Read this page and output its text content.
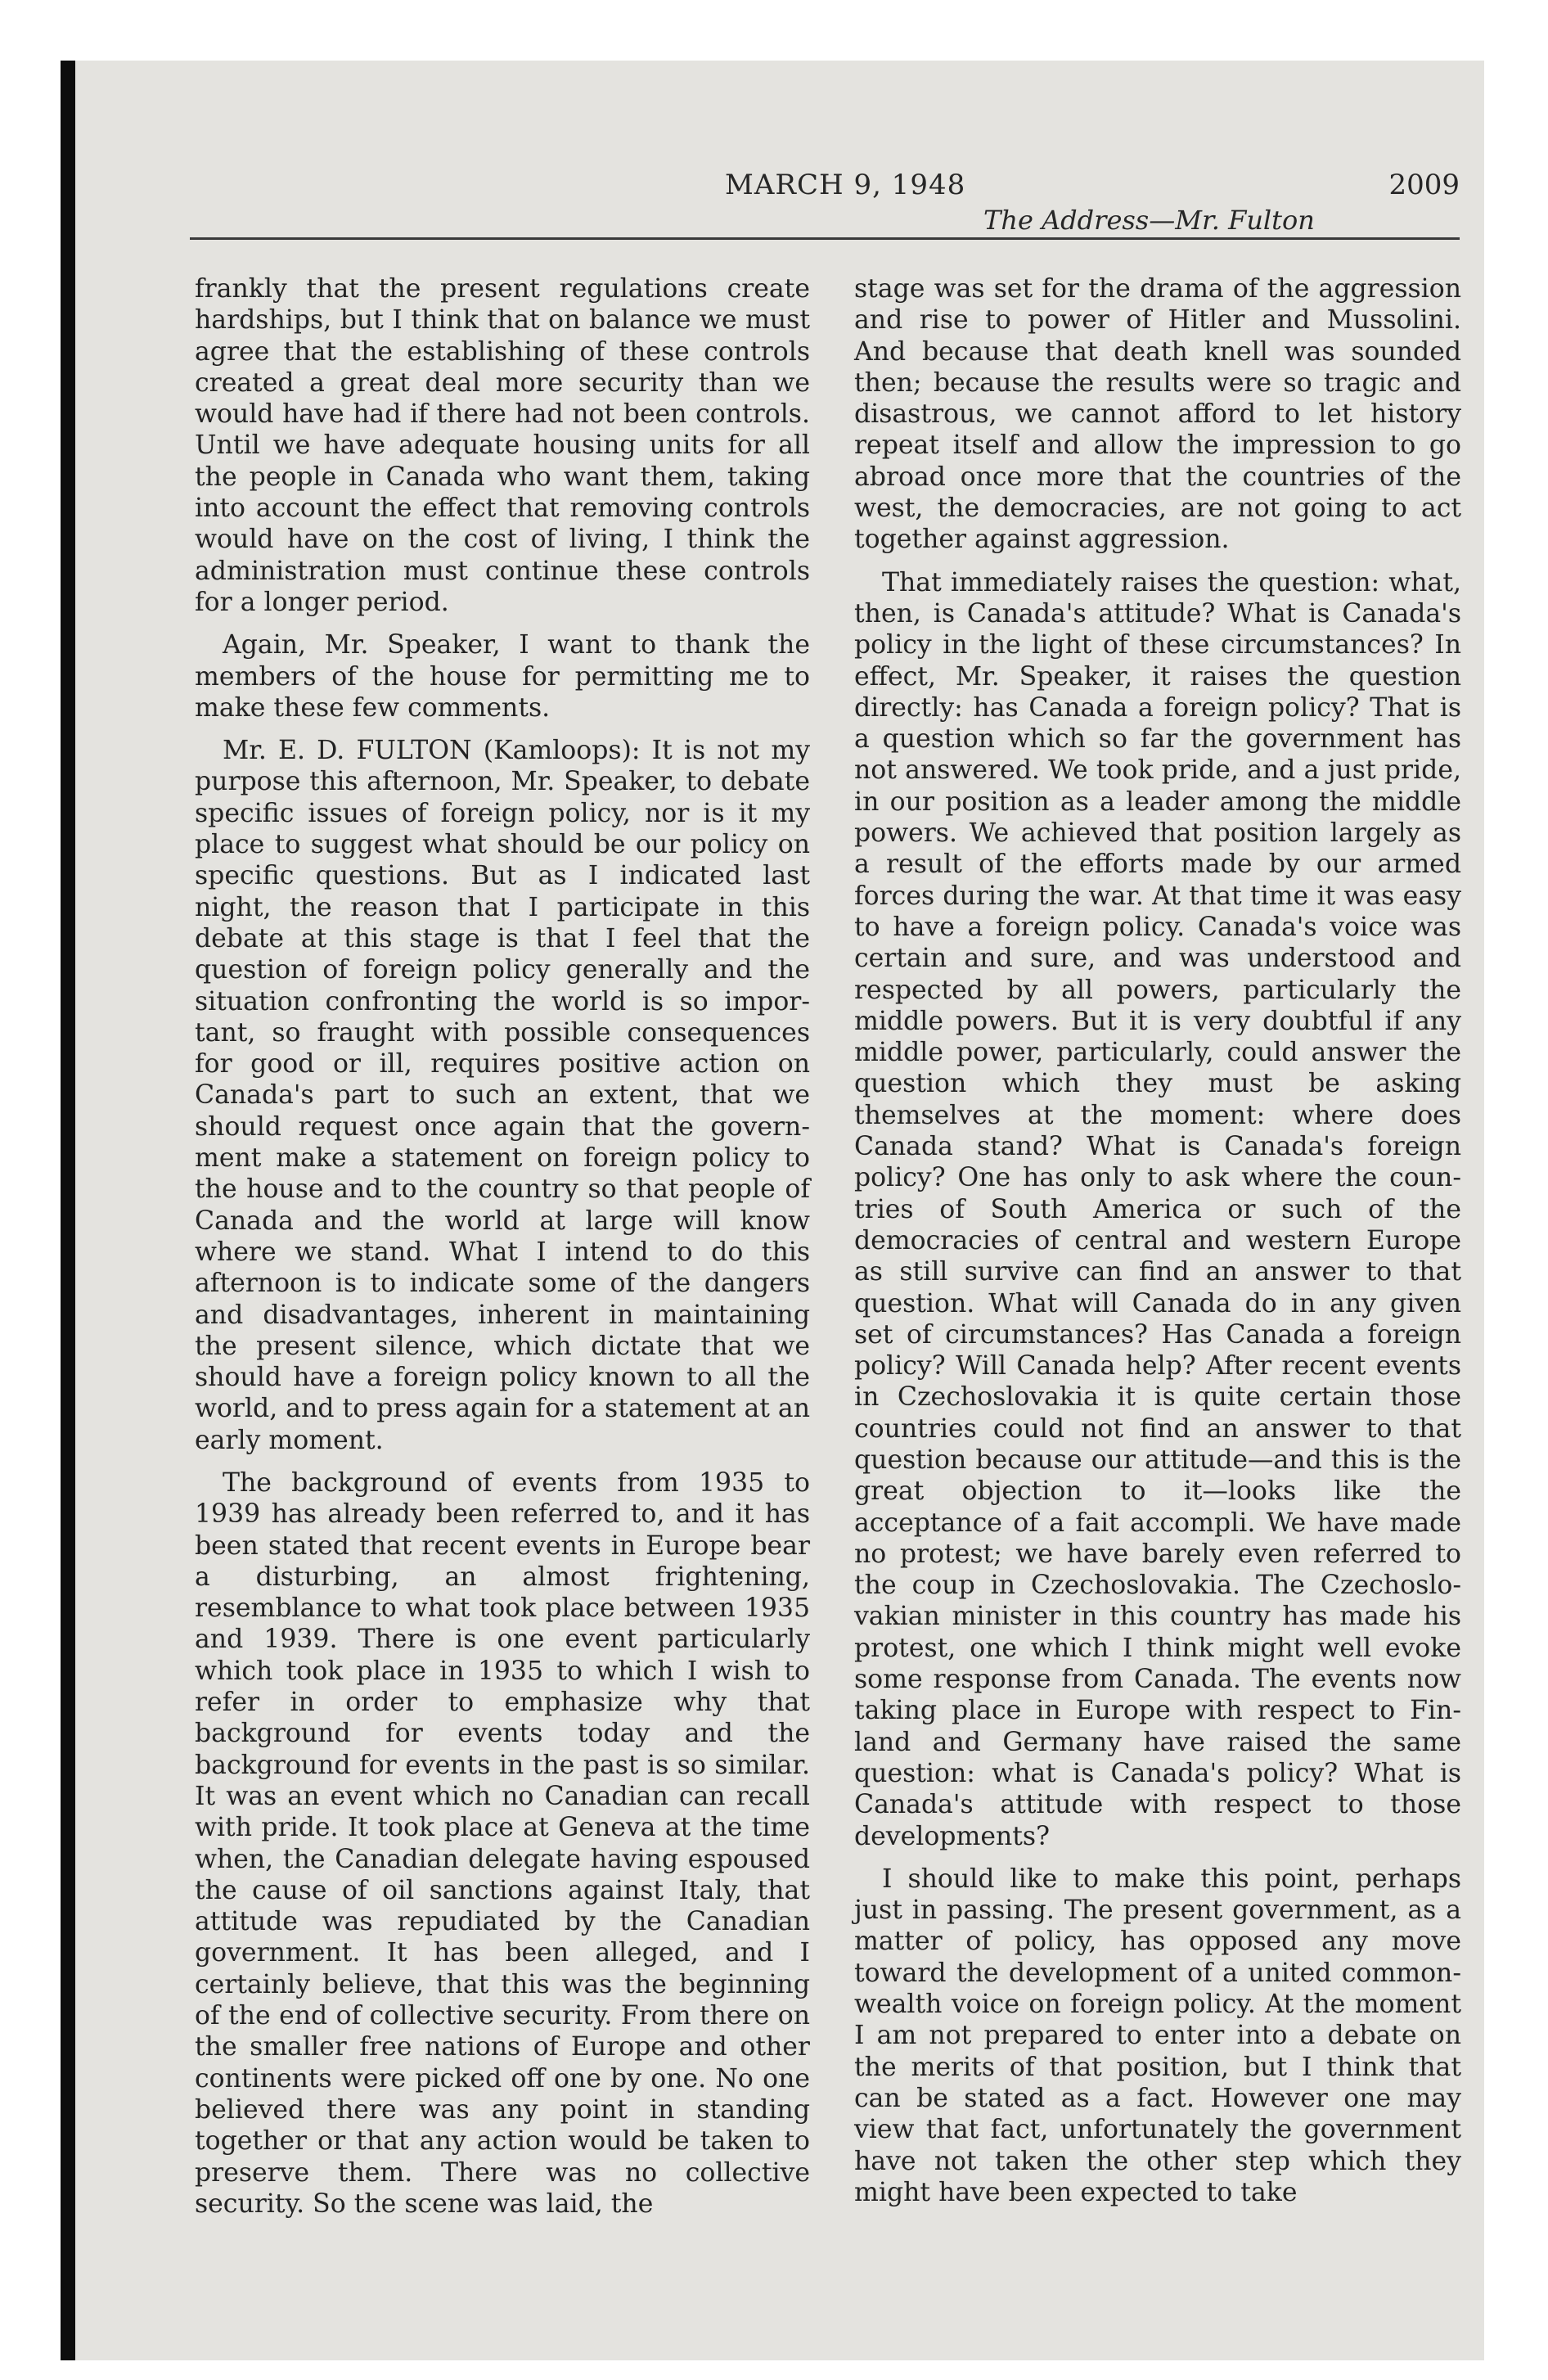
MARCH 9, 1948	2009
The Address—Mr. Fulton

frankly that the present regulations create hardships, but I think that on balance we must agree that the establishing of these controls created a great deal more security than we would have had if there had not been controls. Until we have adequate housing units for all the people in Canada who want them, taking into account the effect that removing controls would have on the cost of living, I think the administration must continue these controls for a longer period.

Again, Mr. Speaker, I want to thank the members of the house for permitting me to make these few comments.

Mr. E. D. FULTON (Kamloops): It is not my purpose this afternoon, Mr. Speaker, to debate specific issues of foreign policy, nor is it my place to suggest what should be our policy on specific questions. But as I indicated last night, the reason that I participate in this debate at this stage is that I feel that the question of foreign policy generally and the situation confronting the world is so important, so fraught with possible consequences for good or ill, requires positive action on Canada's part to such an extent, that we should request once again that the government make a statement on foreign policy to the house and to the country so that people of Canada and the world at large will know where we stand. What I intend to do this afternoon is to indicate some of the dangers and disadvantages, inherent in maintaining the present silence, which dictate that we should have a foreign policy known to all the world, and to press again for a statement at an early moment.

The background of events from 1935 to 1939 has already been referred to, and it has been stated that recent events in Europe bear a disturbing, an almost frightening, resemblance to what took place between 1935 and 1939. There is one event particularly which took place in 1935 to which I wish to refer in order to emphasize why that background for events today and the background for events in the past is so similar. It was an event which no Canadian can recall with pride. It took place at Geneva at the time when, the Canadian delegate having espoused the cause of oil sanctions against Italy, that attitude was repudiated by the Canadian government. It has been alleged, and I certainly believe, that this was the beginning of the end of collective security. From there on the smaller free nations of Europe and other continents were picked off one by one. No one believed there was any point in standing together or that any action would be taken to preserve them. There was no collective security. So the scene was laid, the

stage was set for the drama of the aggression and rise to power of Hitler and Mussolini. And because that death knell was sounded then; because the results were so tragic and disastrous, we cannot afford to let history repeat itself and allow the impression to go abroad once more that the countries of the west, the democracies, are not going to act together against aggression.

That immediately raises the question: what, then, is Canada's attitude? What is Canada's policy in the light of these circumstances? In effect, Mr. Speaker, it raises the question directly: has Canada a foreign policy? That is a question which so far the government has not answered. We took pride, and a just pride, in our position as a leader among the middle powers. We achieved that position largely as a result of the efforts made by our armed forces during the war. At that time it was easy to have a foreign policy. Canada's voice was certain and sure, and was understood and respected by all powers, particularly the middle powers. But it is very doubtful if any middle power, particularly, could answer the question which they must be asking themselves at the moment: where does Canada stand? What is Canada's foreign policy? One has only to ask where the countries of South America or such of the democracies of central and western Europe as still survive can find an answer to that question. What will Canada do in any given set of circumstances? Has Canada a foreign policy? Will Canada help? After recent events in Czechoslovakia it is quite certain those countries could not find an answer to that question because our attitude—and this is the great objection to it—looks like the acceptance of a fait accompli. We have made no protest; we have barely even referred to the coup in Czechoslovakia. The Czechoslovakian minister in this country has made his protest, one which I think might well evoke some response from Canada. The events now taking place in Europe with respect to Finland and Germany have raised the same question: what is Canada's policy? What is Canada's attitude with respect to those developments?

I should like to make this point, perhaps just in passing. The present government, as a matter of policy, has opposed any move toward the development of a united commonwealth voice on foreign policy. At the moment I am not prepared to enter into a debate on the merits of that position, but I think that can be stated as a fact. However one may view that fact, unfortunately the government have not taken the other step which they might have been expected to take
